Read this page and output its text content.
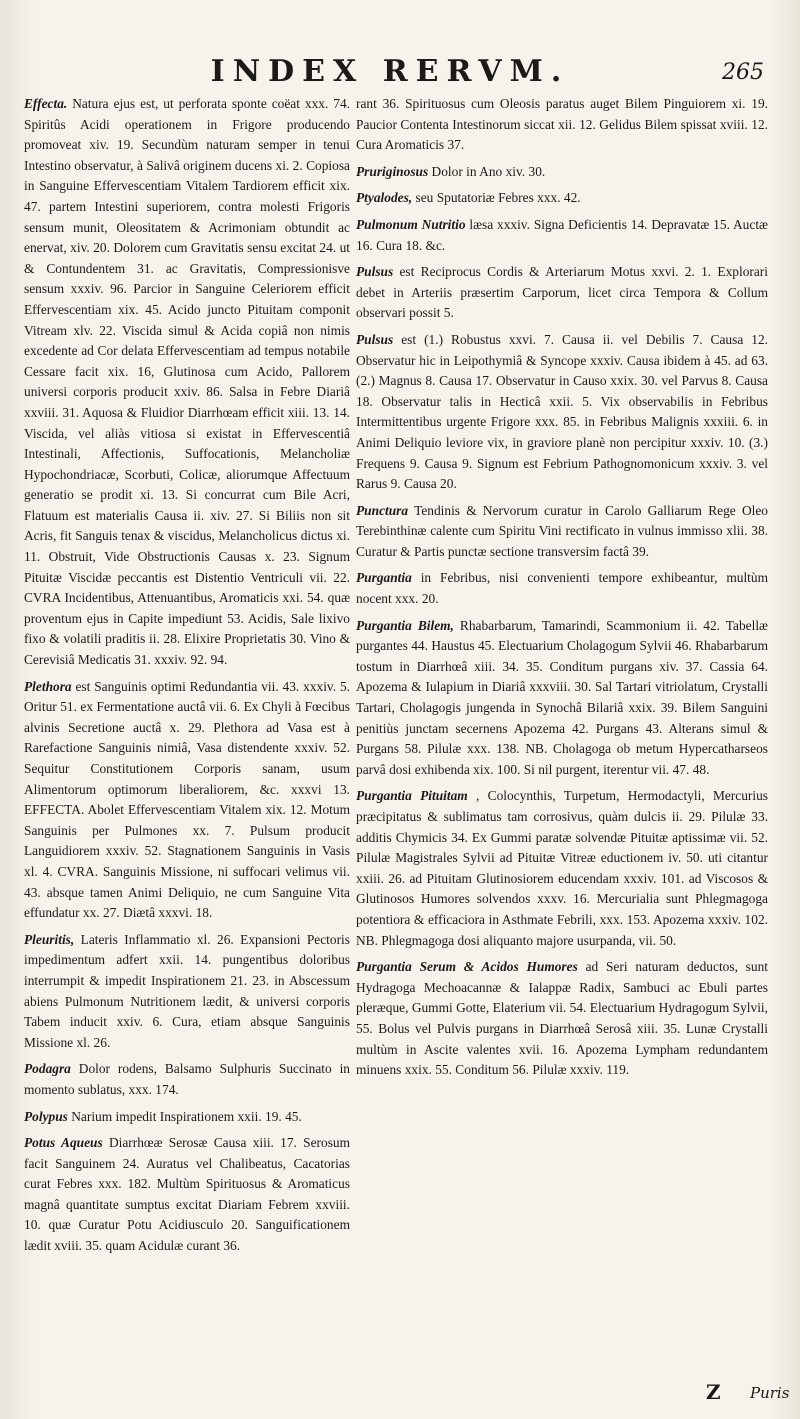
INDEX RERVM.	265

Effecta. Natura ejus est, ut perforata sponte coëat xxx. 74. Spiritûs Acidi operationem in Frigore producendo promoveat xiv. 19. Secundùm naturam semper in tenui Intestino observatur, à Salivâ originem ducens xi. 2. Copiosa in Sanguine Effervescentiam Vitalem Tardiorem efficit xix. 47. partem Intestini superiorem, contra molesti Frigoris sensum munit, Oleositatem & Acrimoniam obtundit ac enervat, xiv. 20. Dolorem cum Gravitatis sensu excitat 24. ut & Contundentem 31. ac Gravitatis, Compressionisve sensum xxxiv. 96. Parcior in Sanguine Celeriorem efficit Effervescentiam xix. 45. Acido juncto Pituitam componit Vitream xlv. 22. Viscida simul & Acida copiâ non nimis excedente ad Cor delata Effervescentiam ad tempus notabile Cessare facit xix. 16, Glutinosa cum Acido, Pallorem universi corporis producit xxiv. 86. Salsa in Febre Diariâ xxviii. 31. Aquosa & Fluidior Diarrhœam efficit xiii. 13. 14. Viscida, vel aliàs vitiosa si existat in Effervescentiâ Intestinali, Affectionis, Suffocationis, Melancholiæ Hypochondriacæ, Scorbuti, Colicæ, aliorumque Affectuum generatio se prodit xi. 13. Si concurrat cum Bile Acri, Flatuum est materialis Causa ii. xiv. 27. Si Biliis non sit Acris, fit Sanguis tenax & viscidus, Melancholicus dictus xi. 11. Obstruit, Vide Obstructionis Causas x. 23. Signum Pituitæ Viscidæ peccantis est Distentio Ventriculi vii. 22. CVRA Incidentibus, Attenuantibus, Aromaticis xxi. 54. quæ proventum ejus in Capite impediunt 53. Acidis, Sale lixivo fixo & volatili praditis ii. 28. Elixire Proprietatis 30. Vino & Cerevisiâ Medicatis 31. xxxiv. 92. 94.

Plethora est Sanguinis optimi Redundantia vii. 43. xxxiv. 5. Oritur 51. ex Fermentatione auctâ vii. 6. Ex Chyli à Fœcibus alvinis Secretione auctâ x. 29. Plethora ad Vasa est à Rarefactione Sanguinis nimiâ, Vasa distendente xxxiv. 52. Sequitur Constitutionem Corporis sanam, usum Alimentorum optimorum liberaliorem, &c. xxxvi 13. EFFECTA. Abolet Effervescentiam Vitalem xix. 12. Motum Sanguinis per Pulmones xx. 7. Pulsum producit Languidiorem xxxiv. 52. Stagnationem Sanguinis in Vasis xl. 4. CVRA. Sanguinis Missione, ni suffocari velimus vii. 43. absque tamen Animi Deliquio, ne cum Sanguine Vita effundatur xx. 27. Diætâ xxxvi. 18.

Pleuritis, Lateris Inflammatio xl. 26. Expansioni Pectoris impedimentum adfert xxii. 14. pungentibus doloribus interrumpit & impedit Inspirationem 21. 23. in Abscessum abiens Pulmonum Nutritionem lædit, & universi corporis Tabem inducit xxiv. 6. Cura, etiam absque Sanguinis Missione xl. 26.

Podagra Dolor rodens, Balsamo Sulphuris Succinato in momento sublatus, xxx. 174.

Polypus Narium impedit Inspirationem xxii. 19. 45.

Potus Aqueus Diarrhœæ Serosæ Causa xiii. 17. Serosum facit Sanguinem 24. Auratus vel Chalibeatus, Cacatorias curat Febres xxx. 182. Multùm Spirituosus & Aromaticus magnâ quantitate sumptus excitat Diariam Febrem xxviii. 10. quæ Curatur Potu Acidiusculo 20. Sanguificationem lædit xviii. 35. quam Acidulæ curant 36.

rant 36. Spirituosus cum Oleosis paratus auget Bilem Pinguiorem xi. 19. Paucior Contenta Intestinorum siccat xii. 12. Gelidus Bilem spissat xviii. 12. Cura Aromaticis 37.

Pruriginosus Dolor in Ano xiv. 30.

Ptyalodes, seu Sputatoriæ Febres xxx. 42.

Pulmonum Nutritio læsa xxxiv. Signa Deficientis 14. Depravatæ 15. Auctæ 16. Cura 18. &c.

Pulsus est Reciprocus Cordis & Arteriarum Motus xxvi. 2. 1. Explorari debet in Arteriis præsertim Carporum, licet circa Tempora & Collum observari possit 5.

Pulsus est (1.) Robustus xxvi. 7. Causa ii. vel Debilis 7. Causa 12. Observatur hic in Leipothymiâ & Syncope xxxiv. Causa ibidem à 45. ad 63. (2.) Magnus 8. Causa 17. Observatur in Causo xxix. 30. vel Parvus 8. Causa 18. Observatur talis in Hecticâ xxii. 5. Vix observabilis in Febribus Intermittentibus urgente Frigore xxx. 85. in Febribus Malignis xxxiii. 6. in Animi Deliquio leviore vix, in graviore planè non percipitur xxxiv. 10. (3.) Frequens 9. Causa 9. Signum est Febrium Pathognomonicum xxxiv. 3. vel Rarus 9. Causa 20.

Punctura Tendinis & Nervorum curatur in Carolo Galliarum Rege Oleo Terebinthinæ calente cum Spiritu Vini rectificato in vulnus immisso xlii. 38. Curatur & Partis punctæ sectione transversim factâ 39.

Purgantia in Febribus, nisi convenienti tempore exhibeantur, multùm nocent xxx. 20.

Purgantia Bilem, Rhabarbarum, Tamarindi, Scammonium ii. 42. Tabellæ purgantes 44. Haustus 45. Electuarium Cholagogum Sylvii 46. Rhabarbarum tostum in Diarrhœâ xiii. 34. 35. Conditum purgans xiv. 37. Cassia 64. Apozema & Iulapium in Diariâ xxxviii. 30. Sal Tartari vitriolatum, Crystalli Tartari, Cholagogis jungenda in Synochâ Bilariâ xxix. 39. Bilem Sanguini penitiùs junctam secernens Apozema 42. Purgans 43. Alterans simul & Purgans 58. Pilulæ xxx. 138. NB. Cholagoga ob metum Hypercatharseos parvâ dosi exhibenda xix. 100. Si nil purgent, iterentur vii. 47. 48.

Purgantia Pituitam , Colocynthis, Turpetum, Hermodactyli, Mercurius præcipitatus & sublimatus tam corrosivus, quàm dulcis ii. 29. Pilulæ 33. additis Chymicis 34. Ex Gummi paratæ solvendæ Pituitæ aptissimæ vii. 52. Pilulæ Magistrales Sylvii ad Pituitæ Vitreæ eductionem iv. 50. uti citantur xxiii. 26. ad Pituitam Glutinosiorem educendam xxxiv. 101. ad Viscosos & Glutinosos Humores solvendos xxxv. 16. Mercurialia sunt Phlegmagoga potentiora & efficaciora in Asthmate Febrili, xxx. 153. Apozema xxxiv. 102. NB. Phlegmagoga dosi aliquanto majore usurpanda, vii. 50.

Purgantia Serum & Acidos Humores ad Seri naturam deductos, sunt Hydragoga Mechoacannæ & Ialappæ Radix, Sambuci ac Ebuli partes pleræque, Gummi Gotte, Elaterium vii. 54. Electuarium Hydragogum Sylvii, 55. Bolus vel Pulvis purgans in Diarrhœâ Serosâ xiii. 35. Lunæ Crystalli multùm in Ascite valentes xvii. 16. Apozema Lympham redundantem minuens xxix. 55. Conditum 56. Pilulæ xxxiv. 119.

Z Puris
